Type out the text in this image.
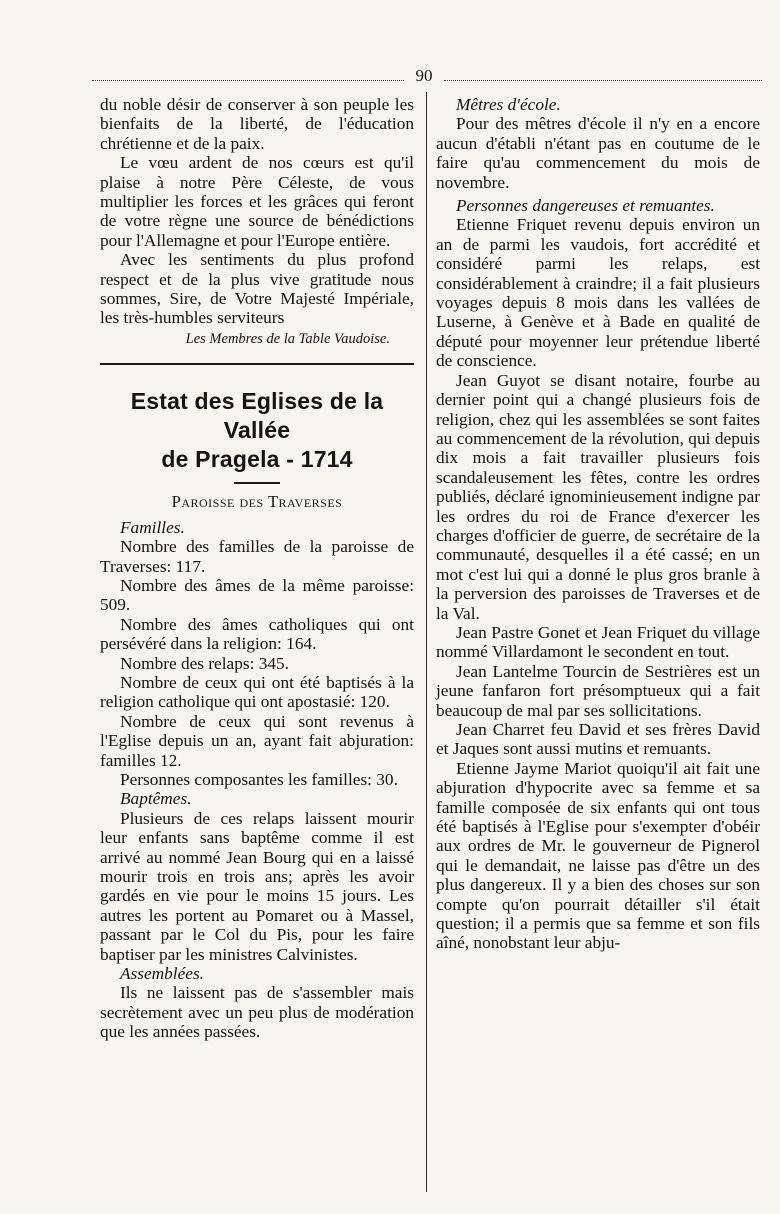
90

du noble désir de conserver à son peuple les bienfaits de la liberté, de l'éducation chrétienne et de la paix.

Le vœu ardent de nos cœurs est qu'il plaise à notre Père Céleste, de vous multiplier les forces et les grâces qui feront de votre règne une source de bénédictions pour l'Allemagne et pour l'Europe entière.

Avec les sentiments du plus profond respect et de la plus vive gratitude nous sommes, Sire, de Votre Majesté Impériale, les très-humbles serviteurs

Les Membres de la Table Vaudoise.

Estat des Eglises de la Vallée
de Pragela - 1714
Paroisse des Traverses

Familles.

Nombre des familles de la paroisse de Traverses: 117.

Nombre des âmes de la même paroisse: 509.

Nombre des âmes catholiques qui ont persévéré dans la religion: 164.

Nombre des relaps: 345.

Nombre de ceux qui ont été baptisés à la religion catholique qui ont apostasié: 120.

Nombre de ceux qui sont revenus à l'Eglise depuis un an, ayant fait abjuration: familles 12.

Personnes composantes les familles: 30.

Baptêmes.

Plusieurs de ces relaps laissent mourir leur enfants sans baptême comme il est arrivé au nommé Jean Bourg qui en a laissé mourir trois en trois ans; après les avoir gardés en vie pour le moins 15 jours. Les autres les portent au Pomaret ou à Massel, passant par le Col du Pis, pour les faire baptiser par les ministres Calvinistes.

Assemblées.

Ils ne laissent pas de s'assembler mais secrètement avec un peu plus de modération que les années passées.

Mêtres d'école.

Pour des mêtres d'école il n'y en a encore aucun d'établi n'étant pas en coutume de le faire qu'au commencement du mois de novembre.

Personnes dangereuses et remuantes.

Etienne Friquet revenu depuis environ un an de parmi les vaudois, fort accrédité et considéré parmi les relaps, est considérablement à craindre; il a fait plusieurs voyages depuis 8 mois dans les vallées de Luserne, à Genève et à Bade en qualité de député pour moyenner leur prétendue liberté de conscience.

Jean Guyot se disant notaire, fourbe au dernier point qui a changé plusieurs fois de religion, chez qui les assemblées se sont faites au commencement de la révolution, qui depuis dix mois a fait travailler plusieurs fois scandaleusement les fêtes, contre les ordres publiés, déclaré ignominieusement indigne par les ordres du roi de France d'exercer les charges d'officier de guerre, de secrétaire de la communauté, desquelles il a été cassé; en un mot c'est lui qui a donné le plus gros branle à la perversion des paroisses de Traverses et de la Val.

Jean Pastre Gonet et Jean Friquet du village nommé Villardamont le secondent en tout.

Jean Lantelme Tourcin de Sestrières est un jeune fanfaron fort présomptueux qui a fait beaucoup de mal par ses sollicitations.

Jean Charret feu David et ses frères David et Jaques sont aussi mutins et remuants.

Etienne Jayme Mariot quoiqu'il ait fait une abjuration d'hypocrite avec sa femme et sa famille composée de six enfants qui ont tous été baptisés à l'Eglise pour s'exempter d'obéir aux ordres de Mr. le gouverneur de Pignerol qui le demandait, ne laisse pas d'être un des plus dangereux. Il y a bien des choses sur son compte qu'on pourrait détailler s'il était question; il a permis que sa femme et son fils aîné, nonobstant leur abju-
